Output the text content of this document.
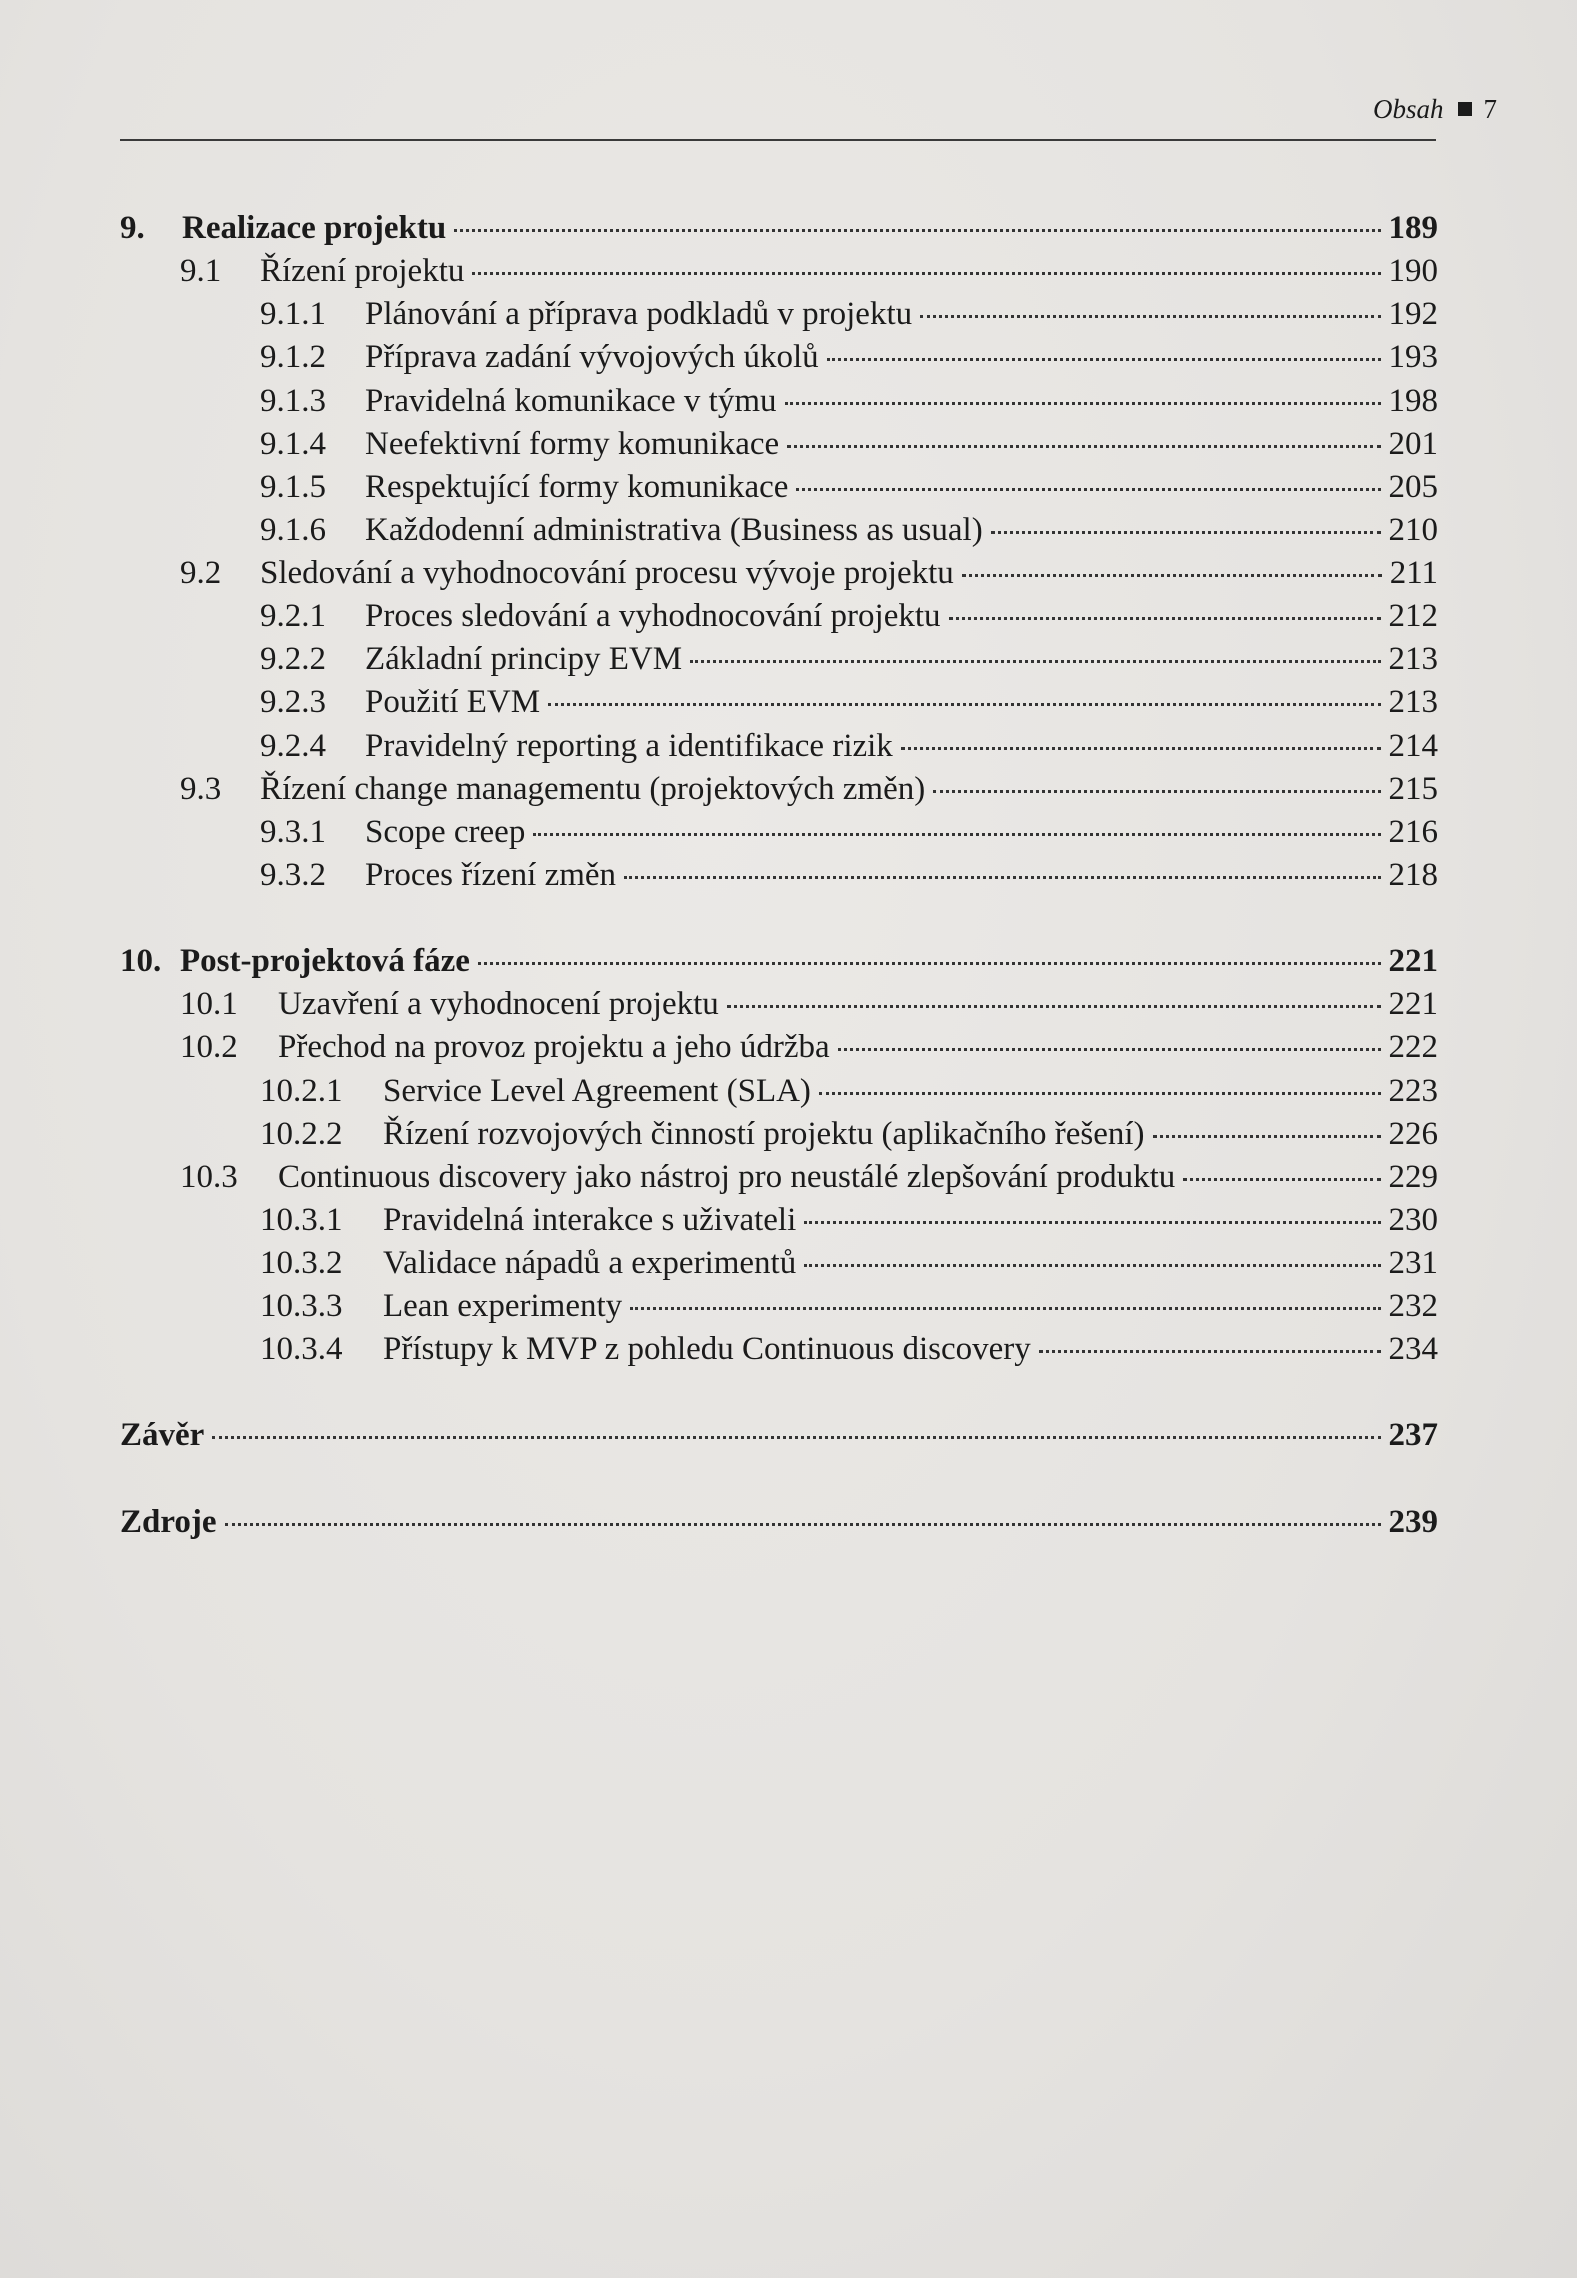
Obsah 7
9.	Realizace projektu	189
9.1	Řízení projektu	190
9.1.1	Plánování a příprava podkladů v projektu	192
9.1.2	Příprava zadání vývojových úkolů	193
9.1.3	Pravidelná komunikace v týmu	198
9.1.4	Neefektivní formy komunikace	201
9.1.5	Respektující formy komunikace	205
9.1.6	Každodenní administrativa (Business as usual)	210
9.2	Sledování a vyhodnocování procesu vývoje projektu	211
9.2.1	Proces sledování a vyhodnocování projektu	212
9.2.2	Základní principy EVM	213
9.2.3	Použití EVM	213
9.2.4	Pravidelný reporting a identifikace rizik	214
9.3	Řízení change managementu (projektových změn)	215
9.3.1	Scope creep	216
9.3.2	Proces řízení změn	218
10. Post-projektová fáze	221
10.1	Uzavření a vyhodnocení projektu	221
10.2	Přechod na provoz projektu a jeho údržba	222
10.2.1	Service Level Agreement (SLA)	223
10.2.2	Řízení rozvojových činností projektu (aplikačního řešení)	226
10.3	Continuous discovery jako nástroj pro neustálé zlepšování produktu	229
10.3.1	Pravidelná interakce s uživateli	230
10.3.2	Validace nápadů a experimentů	231
10.3.3	Lean experimenty	232
10.3.4	Přístupy k MVP z pohledu Continuous discovery	234
Závěr	237
Zdroje	239
